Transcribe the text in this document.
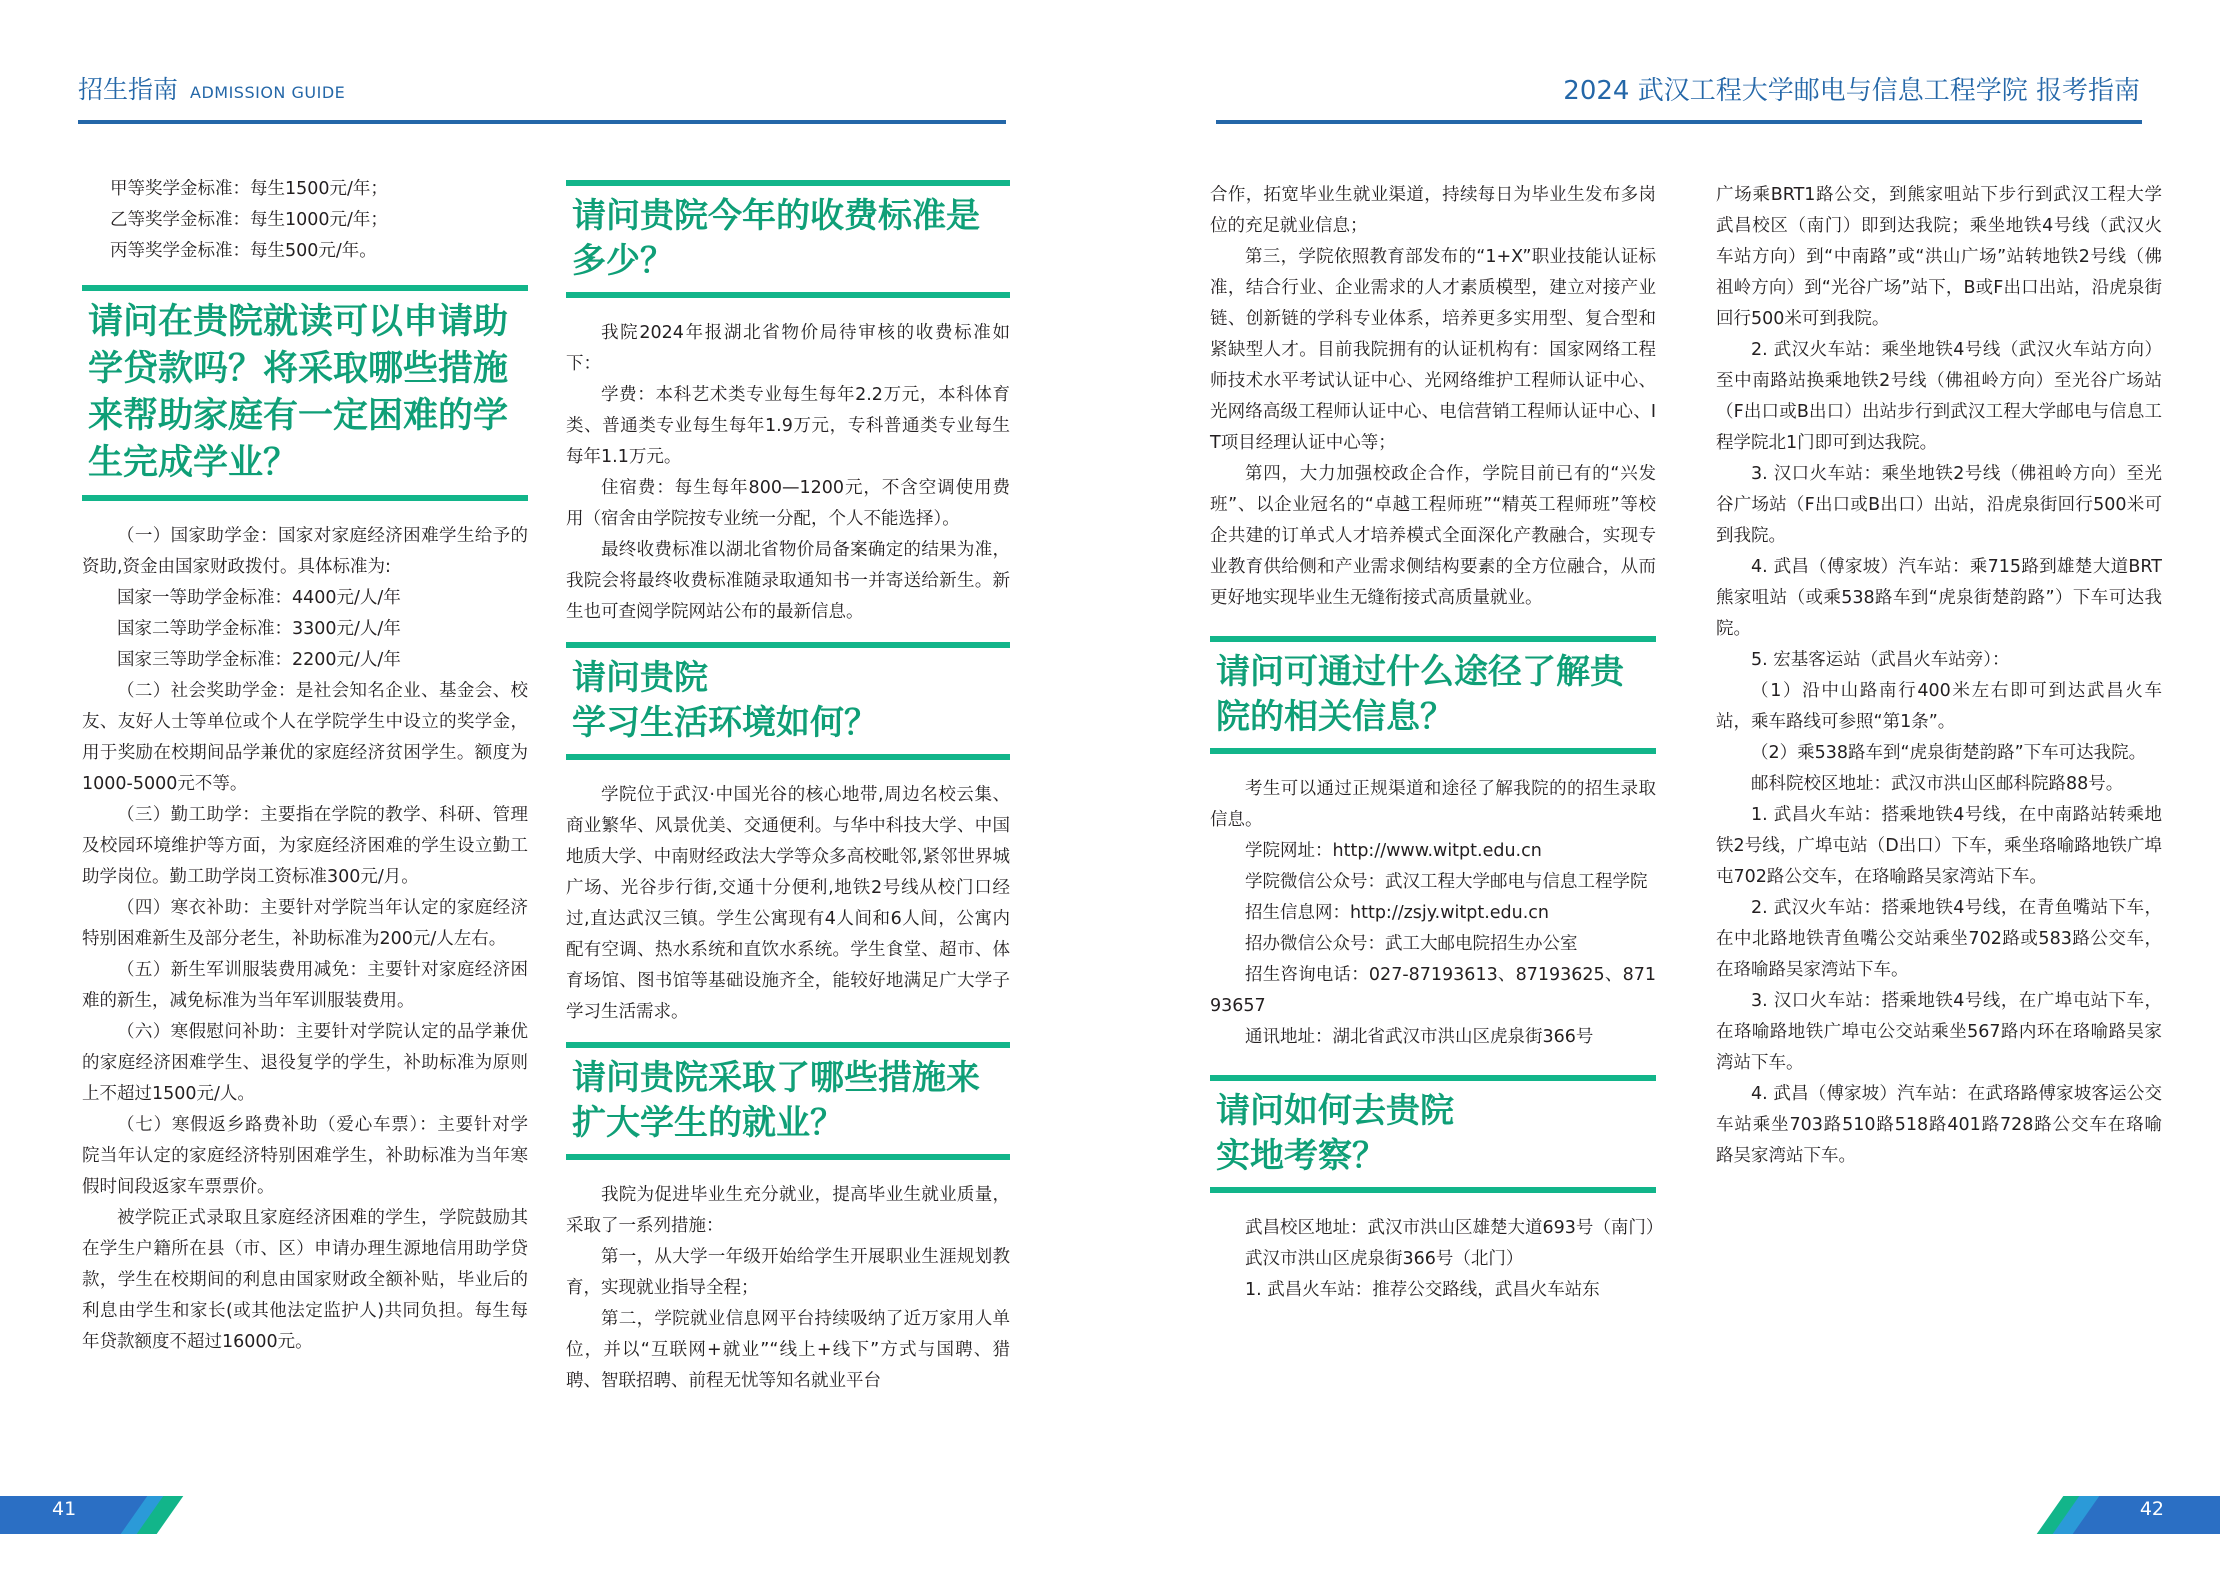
招生指南 ADMISSION GUIDE

甲等奖学金标准：每生1500元/年；

乙等奖学金标准：每生1000元/年；

丙等奖学金标准：每生500元/年。

请问在贵院就读可以申请助学贷款吗？将采取哪些措施来帮助家庭有一定困难的学生完成学业？

（一）国家助学金：国家对家庭经济困难学生给予的资助,资金由国家财政拨付。具体标准为:

国家一等助学金标准：4400元/人/年

国家二等助学金标准：3300元/人/年

国家三等助学金标准：2200元/人/年

（二）社会奖助学金：是社会知名企业、基金会、校友、友好人士等单位或个人在学院学生中设立的奖学金，用于奖励在校期间品学兼优的家庭经济贫困学生。额度为1000-5000元不等。

（三）勤工助学：主要指在学院的教学、科研、管理及校园环境维护等方面，为家庭经济困难的学生设立勤工助学岗位。勤工助学岗工资标准300元/月。

（四）寒衣补助：主要针对学院当年认定的家庭经济特别困难新生及部分老生，补助标准为200元/人左右。

（五）新生军训服装费用减免：主要针对家庭经济困难的新生，减免标准为当年军训服装费用。

（六）寒假慰问补助：主要针对学院认定的品学兼优的家庭经济困难学生、退役复学的学生，补助标准为原则上不超过1500元/人。

（七）寒假返乡路费补助（爱心车票）：主要针对学院当年认定的家庭经济特别困难学生，补助标准为当年寒假时间段返家车票票价。

被学院正式录取且家庭经济困难的学生，学院鼓励其在学生户籍所在县（市、区）申请办理生源地信用助学贷款，学生在校期间的利息由国家财政全额补贴，毕业后的利息由学生和家长(或其他法定监护人)共同负担。每生每年贷款额度不超过16000元。

请问贵院今年的收费标准是多少？

我院2024年报湖北省物价局待审核的收费标准如下：

学费：本科艺术类专业每生每年2.2万元，本科体育类、普通类专业每生每年1.9万元，专科普通类专业每生每年1.1万元。

住宿费：每生每年800—1200元，不含空调使用费用（宿舍由学院按专业统一分配，个人不能选择）。

最终收费标准以湖北省物价局备案确定的结果为准，我院会将最终收费标准随录取通知书一并寄送给新生。新生也可查阅学院网站公布的最新信息。

请问贵院
学习生活环境如何？

学院位于武汉·中国光谷的核心地带,周边名校云集、商业繁华、风景优美、交通便利。与华中科技大学、中国地质大学、中南财经政法大学等众多高校毗邻,紧邻世界城广场、光谷步行街,交通十分便利,地铁2号线从校门口经过,直达武汉三镇。学生公寓现有4人间和6人间，公寓内配有空调、热水系统和直饮水系统。学生食堂、超市、体育场馆、图书馆等基础设施齐全，能较好地满足广大学子学习生活需求。

请问贵院采取了哪些措施来扩大学生的就业？

我院为促进毕业生充分就业，提高毕业生就业质量，采取了一系列措施：

第一，从大学一年级开始给学生开展职业生涯规划教育，实现就业指导全程；

第二，学院就业信息网平台持续吸纳了近万家用人单位，并以“互联网+就业”“线上+线下”方式与国聘、猎聘、智联招聘、前程无忧等知名就业平台

41
2024 武汉工程大学邮电与信息工程学院 报考指南

合作，拓宽毕业生就业渠道，持续每日为毕业生发布多岗位的充足就业信息；

第三，学院依照教育部发布的“1+X”职业技能认证标准，结合行业、企业需求的人才素质模型，建立对接产业链、创新链的学科专业体系，培养更多实用型、复合型和紧缺型人才。目前我院拥有的认证机构有：国家网络工程师技术水平考试认证中心、光网络维护工程师认证中心、光网络高级工程师认证中心、电信营销工程师认证中心、IT项目经理认证中心等；

第四，大力加强校政企合作，学院目前已有的“兴发班”、以企业冠名的“卓越工程师班”“精英工程师班”等校企共建的订单式人才培养模式全面深化产教融合，实现专业教育供给侧和产业需求侧结构要素的全方位融合，从而更好地实现毕业生无缝衔接式高质量就业。

请问可通过什么途径了解贵院的相关信息？

考生可以通过正规渠道和途径了解我院的的招生录取信息。

学院网址：http://www.witpt.edu.cn

学院微信公众号：武汉工程大学邮电与信息工程学院

招生信息网：http://zsjy.witpt.edu.cn

招办微信公众号：武工大邮电院招生办公室

招生咨询电话：027-87193613、87193625、87193657

通讯地址：湖北省武汉市洪山区虎泉街366号

请问如何去贵院
实地考察？

武昌校区地址：武汉市洪山区雄楚大道693号（南门）

武汉市洪山区虎泉街366号（北门）

1. 武昌火车站：推荐公交路线，武昌火车站东

广场乘BRT1路公交，到熊家咀站下步行到武汉工程大学武昌校区（南门）即到达我院；乘坐地铁4号线（武汉火车站方向）到“中南路”或“洪山广场”站转地铁2号线（佛祖岭方向）到“光谷广场”站下，B或F出口出站，沿虎泉街回行500米可到我院。

2. 武汉火车站：乘坐地铁4号线（武汉火车站方向）至中南路站换乘地铁2号线（佛祖岭方向）至光谷广场站（F出口或B出口）出站步行到武汉工程大学邮电与信息工程学院北1门即可到达我院。

3. 汉口火车站：乘坐地铁2号线（佛祖岭方向）至光谷广场站（F出口或B出口）出站，沿虎泉街回行500米可到我院。

4. 武昌（傅家坡）汽车站：乘715路到雄楚大道BRT熊家咀站（或乘538路车到“虎泉街楚韵路”）下车可达我院。

5. 宏基客运站（武昌火车站旁）：

（1）沿中山路南行400米左右即可到达武昌火车站，乘车路线可参照“第1条”。

（2）乘538路车到“虎泉街楚韵路”下车可达我院。

邮科院校区地址：武汉市洪山区邮科院路88号。

1. 武昌火车站：搭乘地铁4号线，在中南路站转乘地铁2号线，广埠屯站（D出口）下车，乘坐珞喻路地铁广埠屯702路公交车，在珞喻路吴家湾站下车。

2. 武汉火车站：搭乘地铁4号线，在青鱼嘴站下车，在中北路地铁青鱼嘴公交站乘坐702路或583路公交车，在珞喻路吴家湾站下车。

3. 汉口火车站：搭乘地铁4号线，在广埠屯站下车，在珞喻路地铁广埠屯公交站乘坐567路内环在珞喻路吴家湾站下车。

4. 武昌（傅家坡）汽车站：在武珞路傅家坡客运公交车站乘坐703路510路518路401路728路公交车在珞喻路吴家湾站下车。

42
